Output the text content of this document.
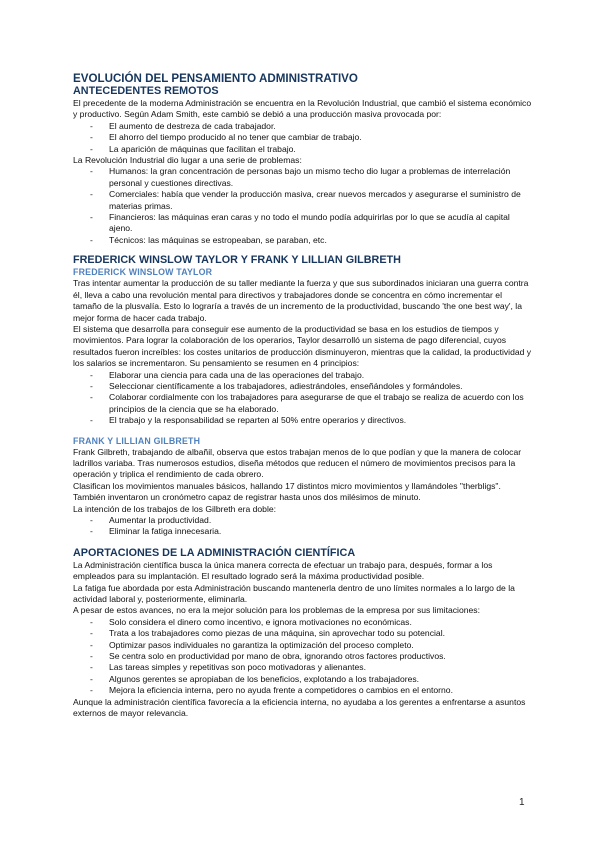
EVOLUCIÓN DEL PENSAMIENTO ADMINISTRATIVO
ANTECEDENTES REMOTOS

El precedente de la moderna Administración se encuentra en la Revolución Industrial, que cambió el sistema económico y productivo. Según Adam Smith, este cambió se debió a una producción masiva provocada por:

- El aumento de destreza de cada trabajador.
- El ahorro del tiempo producido al no tener que cambiar de trabajo.
- La aparición de máquinas que facilitan el trabajo.

La Revolución Industrial dio lugar a una serie de problemas:

- Humanos: la gran concentración de personas bajo un mismo techo dio lugar a problemas de interrelación personal y cuestiones directivas.
- Comerciales: había que vender la producción masiva, crear nuevos mercados y asegurarse el suministro de materias primas.
- Financieros: las máquinas eran caras y no todo el mundo podía adquirirlas por lo que se acudía al capital ajeno.
- Técnicos: las máquinas se estropeaban, se paraban, etc.
FREDERICK WINSLOW TAYLOR Y FRANK Y LILLIAN GILBRETH
FREDERICK WINSLOW TAYLOR

Tras intentar aumentar la producción de su taller mediante la fuerza y que sus subordinados iniciaran una guerra contra él, lleva a cabo una revolución mental para directivos y trabajadores donde se concentra en cómo incrementar el tamaño de la plusvalía. Esto lo lograría a través de un incremento de la productividad, buscando 'the one best way', la mejor forma de hacer cada trabajo.

El sistema que desarrolla para conseguir ese aumento de la productividad se basa en los estudios de tiempos y movimientos. Para lograr la colaboración de los operarios, Taylor desarrolló un sistema de pago diferencial, cuyos resultados fueron increíbles: los costes unitarios de producción disminuyeron, mientras que la calidad, la productividad y los salarios se incrementaron. Su pensamiento se resumen en 4 principios:

- Elaborar una ciencia para cada una de las operaciones del trabajo.
- Seleccionar científicamente a los trabajadores, adiestrándoles, enseñándoles y formándoles.
- Colaborar cordialmente con los trabajadores para asegurarse de que el trabajo se realiza de acuerdo con los principios de la ciencia que se ha elaborado.
- El trabajo y la responsabilidad se reparten al 50% entre operarios y directivos.
FRANK Y LILLIAN GILBRETH

Frank Gilbreth, trabajando de albañil, observa que estos trabajan menos de lo que podían y que la manera de colocar ladrillos variaba. Tras numerosos estudios, diseña métodos que reducen el número de movimientos precisos para la operación y triplica el rendimiento de cada obrero.

Clasifican los movimientos manuales básicos, hallando 17 distintos micro movimientos y llamándoles "therbligs". También inventaron un cronómetro capaz de registrar hasta unos dos milésimos de minuto.

La intención de los trabajos de los Gilbreth era doble:

- Aumentar la productividad.
- Eliminar la fatiga innecesaria.
APORTACIONES DE LA ADMINISTRACIÓN CIENTÍFICA

La Administración científica busca la única manera correcta de efectuar un trabajo para, después, formar a los empleados para su implantación. El resultado logrado será la máxima productividad posible.

La fatiga fue abordada por esta Administración buscando mantenerla dentro de uno límites normales a lo largo de la actividad laboral y, posteriormente, eliminarla.

A pesar de estos avances, no era la mejor solución para los problemas de la empresa por sus limitaciones:

- Solo considera el dinero como incentivo, e ignora motivaciones no económicas.
- Trata a los trabajadores como piezas de una máquina, sin aprovechar todo su potencial.
- Optimizar pasos individuales no garantiza la optimización del proceso completo.
- Se centra solo en productividad por mano de obra, ignorando otros factores productivos.
- Las tareas simples y repetitivas son poco motivadoras y alienantes.
- Algunos gerentes se apropiaban de los beneficios, explotando a los trabajadores.
- Mejora la eficiencia interna, pero no ayuda frente a competidores o cambios en el entorno.

Aunque la administración científica favorecía a la eficiencia interna, no ayudaba a los gerentes a enfrentarse a asuntos externos de mayor relevancia.

1
